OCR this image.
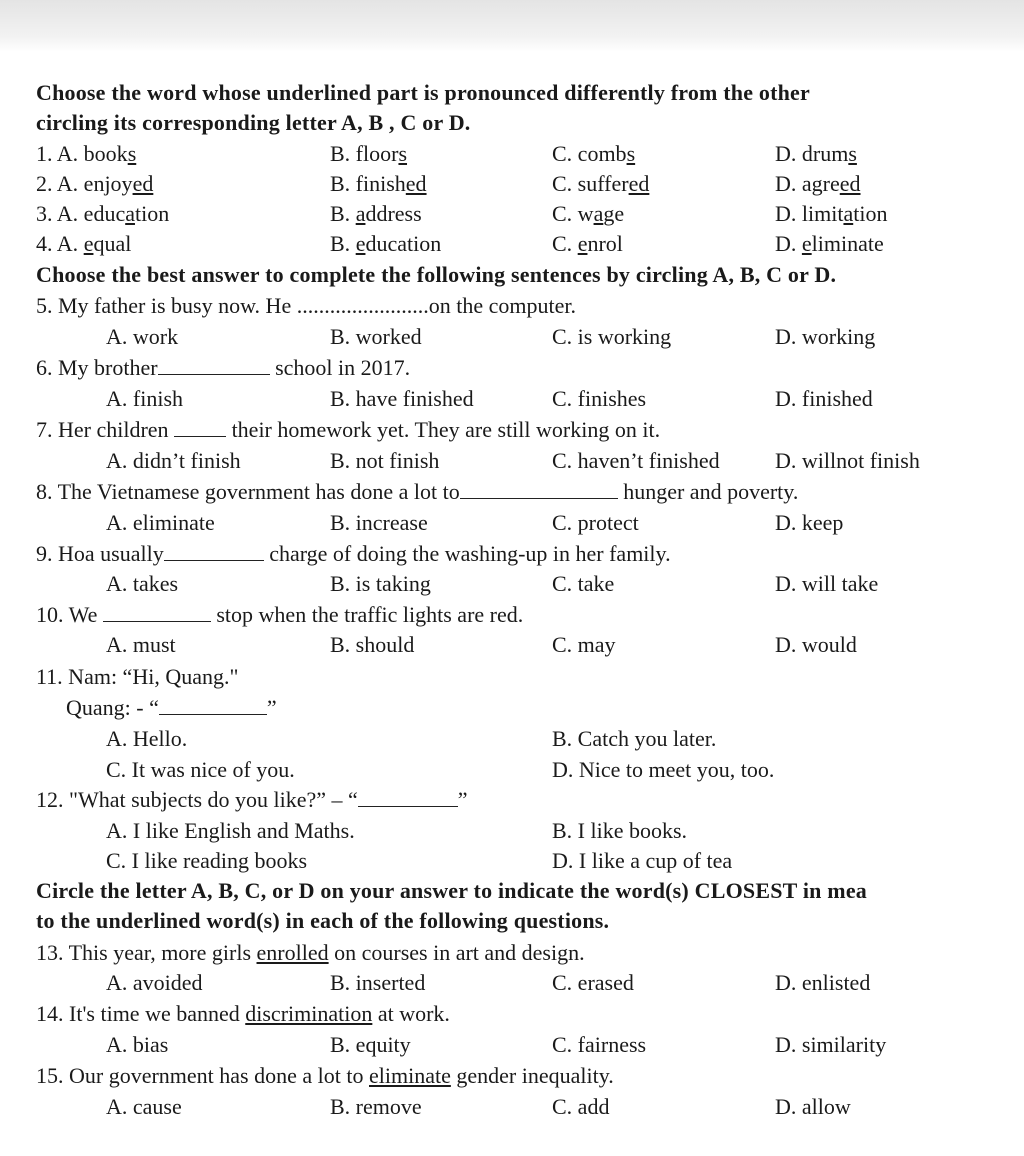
Choose the word whose underlined part is pronounced differently from the other
circling its corresponding letter A, B , C or D.
1. A. books	B. floors	C. combs	D. drums
2. A. enjoyed	B. finished	C. suffered	D. agreed
3. A. education	B. address	C. wage	D. limitation
4. A. equal	B. education	C. enrol	D. eliminate
Choose the best answer to complete the following sentences by circling A, B, C or D.
5. My father is busy now. He ........................on the computer.
A. work	B. worked	C. is working	D. working
6. My brother	school in 2017.
A. finish	B. have finished	C. finishes	D. finished
7. Her children  their homework yet. They are still working on it.
A. didn’t finish	B. not finish	C. haven’t finished	D. willnot finish
8. The Vietnamese government has done a lot to	hunger and poverty.
A. eliminate	B. increase	C. protect	D. keep
9. Hoa usually	charge of doing the washing-up in her family.
A. takes	B. is taking	C. take	D. will take
10. We	stop when the traffic lights are red.
A. must	B. should	C. may	D. would
11. Nam: “Hi, Quang."
Quang: - “	”
A. Hello.	B. Catch you later.
C. It was nice of you.	D. Nice to meet you, too.
12. "What subjects do you like?” – “	”
A. I like English and Maths.	B. I like books.
C. I like reading books	D. I like a cup of tea
Circle the letter A, B, C, or D on your answer to indicate the word(s) CLOSEST in mea
to the underlined word(s) in each of the following questions.
13. This year, more girls enrolled on courses in art and design.
A. avoided	B. inserted	C. erased	D. enlisted
14. It's time we banned discrimination at work.
A. bias	B. equity	C. fairness	D. similarity
15. Our government has done a lot to eliminate gender inequality.
A. cause	B. remove	C. add	D. allow
